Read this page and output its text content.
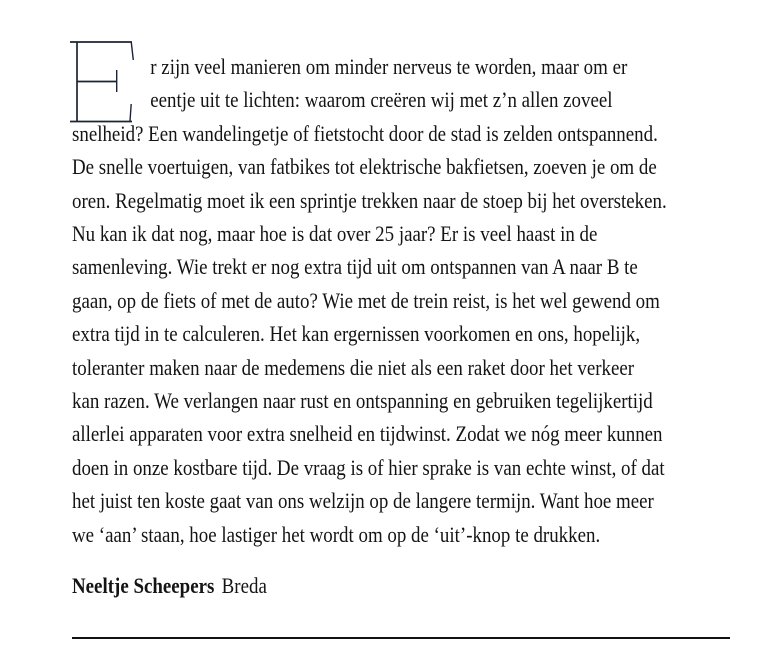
r zijn veel manieren om minder nerveus te worden, maar om er
eentje uit te lichten: waarom creëren wij met z’n allen zoveel
snelheid? Een wandelingetje of fietstocht door de stad is zelden ontspannend.
De snelle voertuigen, van fatbikes tot elektrische bakfietsen, zoeven je om de
oren. Regelmatig moet ik een sprintje trekken naar de stoep bij het oversteken.
Nu kan ik dat nog, maar hoe is dat over 25 jaar? Er is veel haast in de
samenleving. Wie trekt er nog extra tijd uit om ontspannen van A naar B te
gaan, op de fiets of met de auto? Wie met de trein reist, is het wel gewend om
extra tijd in te calculeren. Het kan ergernissen voorkomen en ons, hopelijk,
toleranter maken naar de medemens die niet als een raket door het verkeer
kan razen. We verlangen naar rust en ontspanning en gebruiken tegelijkertijd
allerlei apparaten voor extra snelheid en tijdwinst. Zodat we nóg meer kunnen
doen in onze kostbare tijd. De vraag is of hier sprake is van echte winst, of dat
het juist ten koste gaat van ons welzijn op de langere termijn. Want hoe meer
we ‘aan’ staan, hoe lastiger het wordt om op de ‘uit’-knop te drukken.

Neeltje Scheepers Breda
